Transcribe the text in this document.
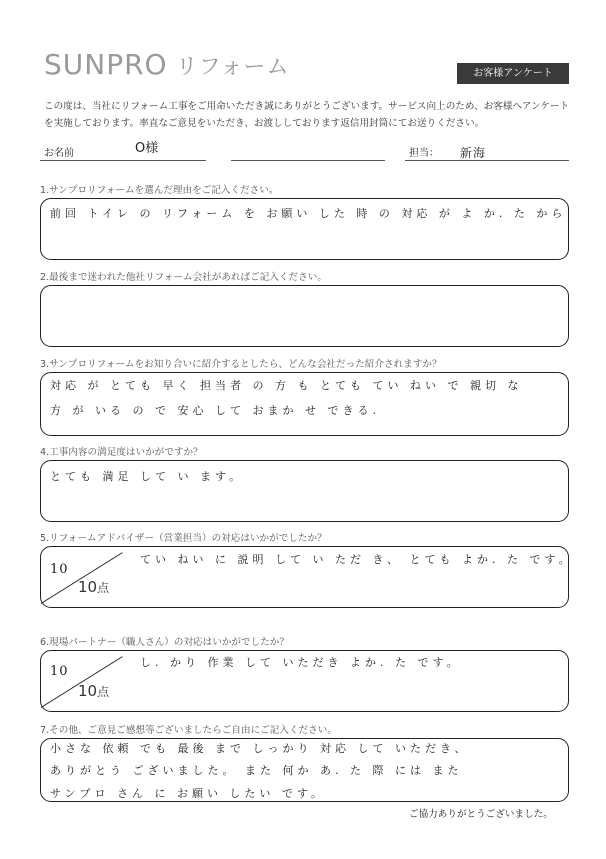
SUNPRO リフォーム	お客様アンケート
この度は、当社にリフォーム工事をご用命いただき誠にありがとうございます。サービス向上のため、お客様へアンケートを実施しております。率直なご意見をいただき、お渡ししております返信用封筒にてお送りください。
お名前	O様	担当： 新海
1.サンプロリフォームを選んだ理由をご記入ください。
前回 トイレ の リフォーム を お願い した 時 の 対応 が よ か. た から
2.最後まで迷われた他社リフォーム会社があればご記入ください。
3.サンプロリフォームをお知り合いに紹介するとしたら、どんな会社だった紹介されますか？
対応 が とても 早く 担当者 の 方 も とても てい ねい で 親切 な
方 が いる の で 安心 して おまか せ できる.
4.工事内容の満足度はいかがですか？
とても 満足 して い ます。
5.リフォームアドバイザー（営業担当）の対応はいかがでしたか？
10
10点
てい ねい に 説明 して い ただ き、 とても よか. た です。
6.現場パートナー（職人さん）の対応はいかがでしたか？
10
10点
し. かり 作業 して いただき よか. た です。
7.その他、ご意見ご感想等ございましたらご自由にご記入ください。
小さな 依頼 でも 最後 まで しっかり 対応 して いただき、
ありがとう ございました。 また 何か あ. た 際 には また
サンプロ さん に お願い したい です。
ご協力ありがとうございました。
